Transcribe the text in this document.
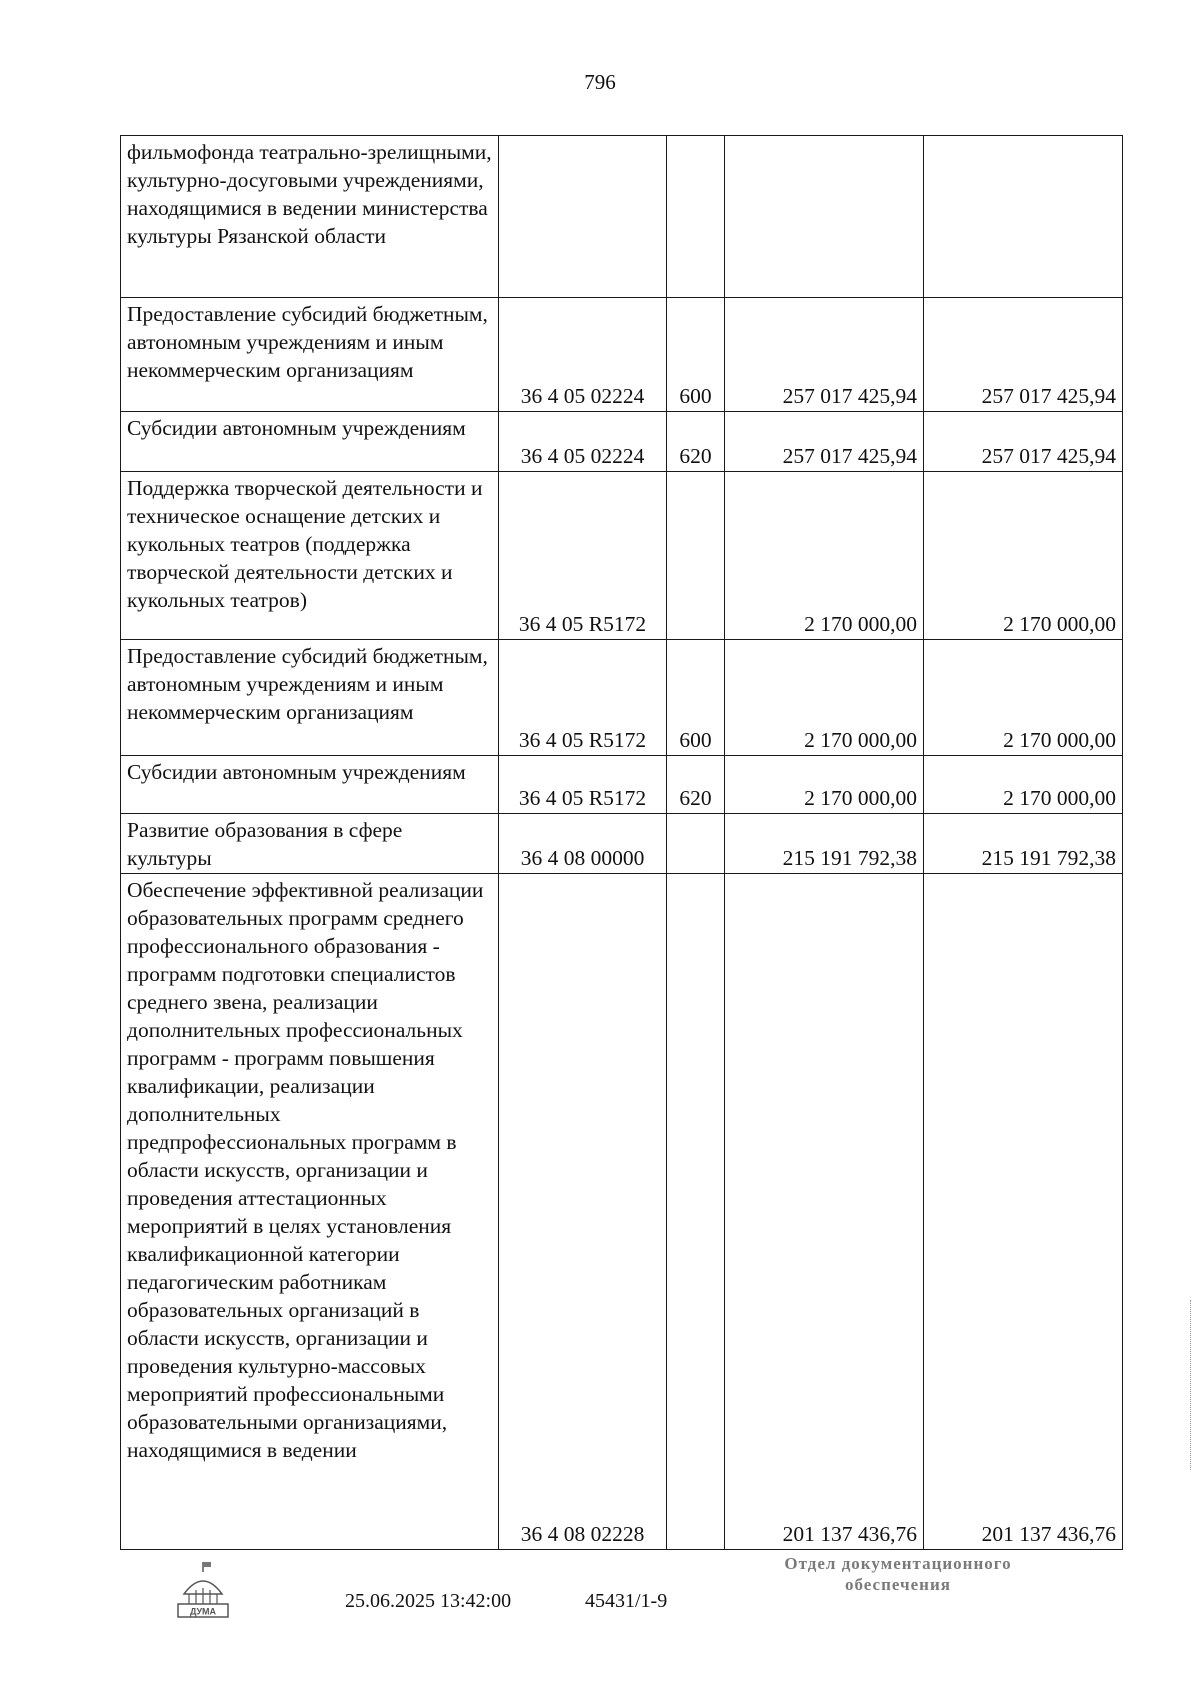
796
фильмофонда театрально-зрелищными, культурно-досуговыми учреждениями, находящимися в ведении министерства культуры Рязанской области				
Предоставление субсидий бюджетным, автономным учреждениям и иным некоммерческим организациям	36 4 05 02224	600	257 017 425,94	257 017 425,94
Субсидии автономным учреждениям	36 4 05 02224	620	257 017 425,94	257 017 425,94
Поддержка творческой деятельности и техническое оснащение детских и кукольных театров (поддержка творческой деятельности детских и кукольных театров)	36 4 05 R5172		2 170 000,00	2 170 000,00
Предоставление субсидий бюджетным, автономным учреждениям и иным некоммерческим организациям	36 4 05 R5172	600	2 170 000,00	2 170 000,00
Субсидии автономным учреждениям	36 4 05 R5172	620	2 170 000,00	2 170 000,00
Развитие образования в сфере культуры	36 4 08 00000		215 191 792,38	215 191 792,38
Обеспечение эффективной реализации образовательных программ среднего профессионального образования - программ подготовки специалистов среднего звена, реализации дополнительных профессиональных программ - программ повышения квалификации, реализации дополнительных предпрофессиональных программ в области искусств, организации и проведения аттестационных мероприятий в целях установления квалификационной категории педагогическим работникам образовательных организаций в области искусств, организации и проведения культурно-массовых мероприятий профессиональными образовательными организациями, находящимися в ведении	36 4 08 02228		201 137 436,76	201 137 436,76
ДУМА	25.06.2025 13:42:00	45431/1-9
Отдел документационного
обеспечения
